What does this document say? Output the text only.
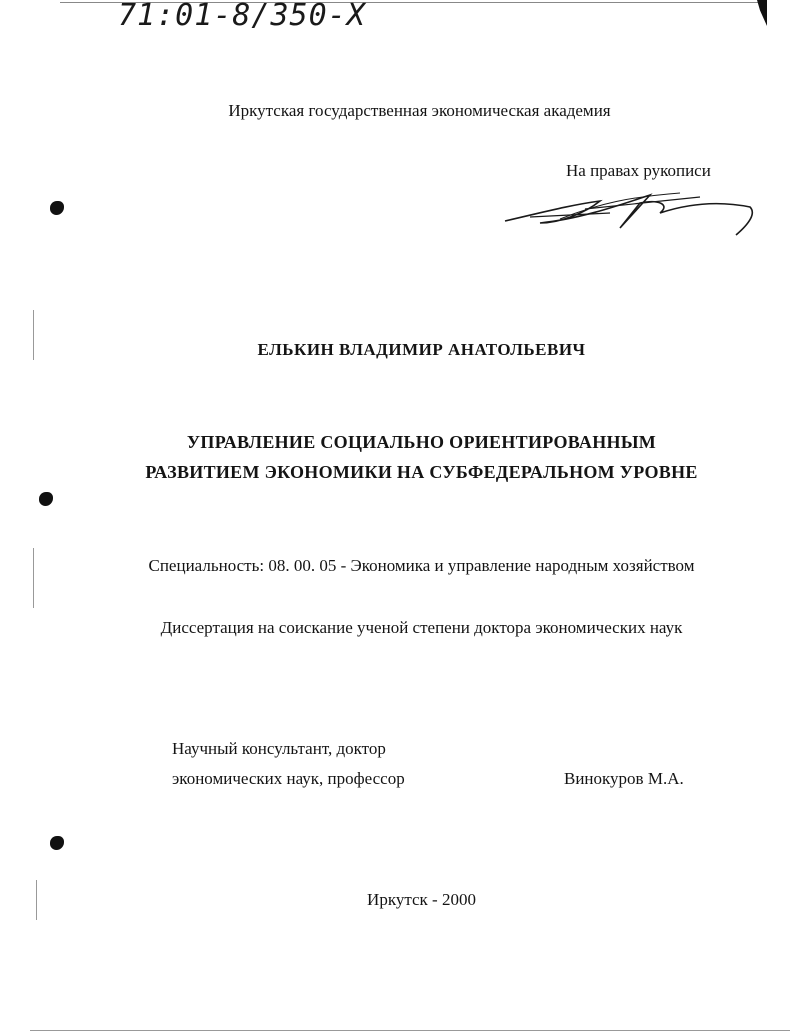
71:01-8/350-X
Иркутская государственная экономическая академия
На правах рукописи
ЕЛЬКИН ВЛАДИМИР АНАТОЛЬЕВИЧ
УПРАВЛЕНИЕ СОЦИАЛЬНО ОРИЕНТИРОВАННЫМ
РАЗВИТИЕМ ЭКОНОМИКИ НА СУБФЕДЕРАЛЬНОМ УРОВНЕ
Специальность: 08. 00. 05 - Экономика и управление народным хозяйством
Диссертация на соискание ученой степени доктора экономических наук
Научный консультант, доктор
экономических наук, профессор	Винокуров М.А.
Иркутск - 2000
